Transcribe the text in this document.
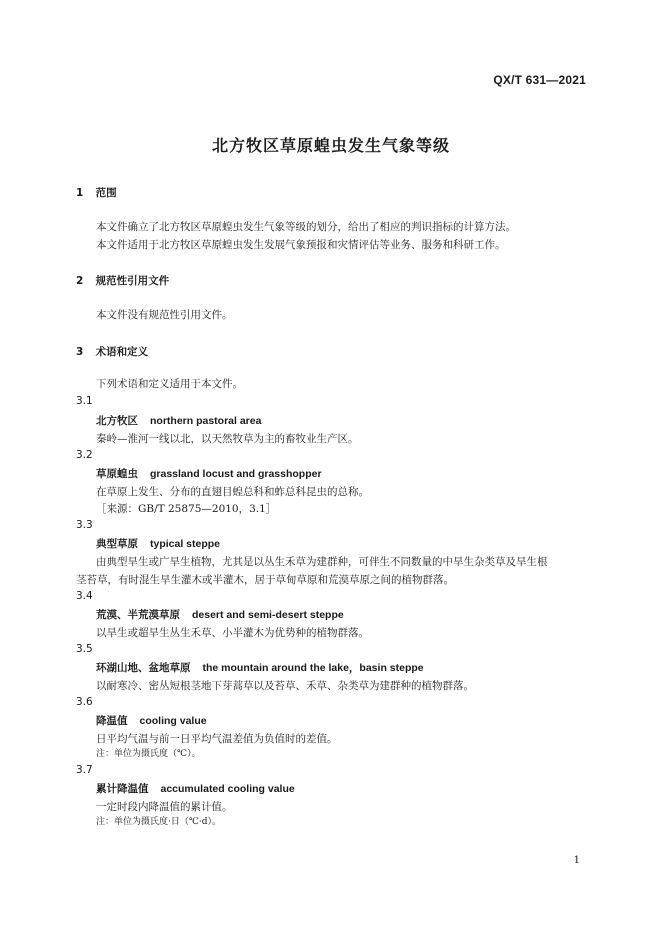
QX/T 631—2021
北方牧区草原蝗虫发生气象等级
1 范围
本文件确立了北方牧区草原蝗虫发生气象等级的划分，给出了相应的判识指标的计算方法。
本文件适用于北方牧区草原蝗虫发生发展气象预报和灾情评估等业务、服务和科研工作。
2 规范性引用文件
本文件没有规范性引用文件。
3 术语和定义
下列术语和定义适用于本文件。
3.1
北方牧区 northern pastoral area
秦岭—淮河一线以北，以天然牧草为主的畜牧业生产区。
3.2
草原蝗虫 grassland locust and grasshopper
在草原上发生、分布的直翅目蝗总科和蚱总科昆虫的总称。
［来源：GB/T 25875—2010，3.1］
3.3
典型草原 typical steppe
由典型旱生或广旱生植物，尤其是以丛生禾草为建群种，可伴生不同数量的中旱生杂类草及旱生根
茎苔草，有时混生旱生灌木或半灌木，居于草甸草原和荒漠草原之间的植物群落。
3.4
荒漠、半荒漠草原 desert and semi-desert steppe
以旱生或超旱生丛生禾草、小半灌木为优势种的植物群落。
3.5
环湖山地、盆地草原 the mountain around the lake，basin steppe
以耐寒冷、密丛短根茎地下芽蒿草以及苔草、禾草、杂类草为建群种的植物群落。
3.6
降温值 cooling value
日平均气温与前一日平均气温差值为负值时的差值。
注：单位为摄氏度（℃）。
3.7
累计降温值 accumulated cooling value
一定时段内降温值的累计值。
注：单位为摄氏度·日（℃·d）。
1
